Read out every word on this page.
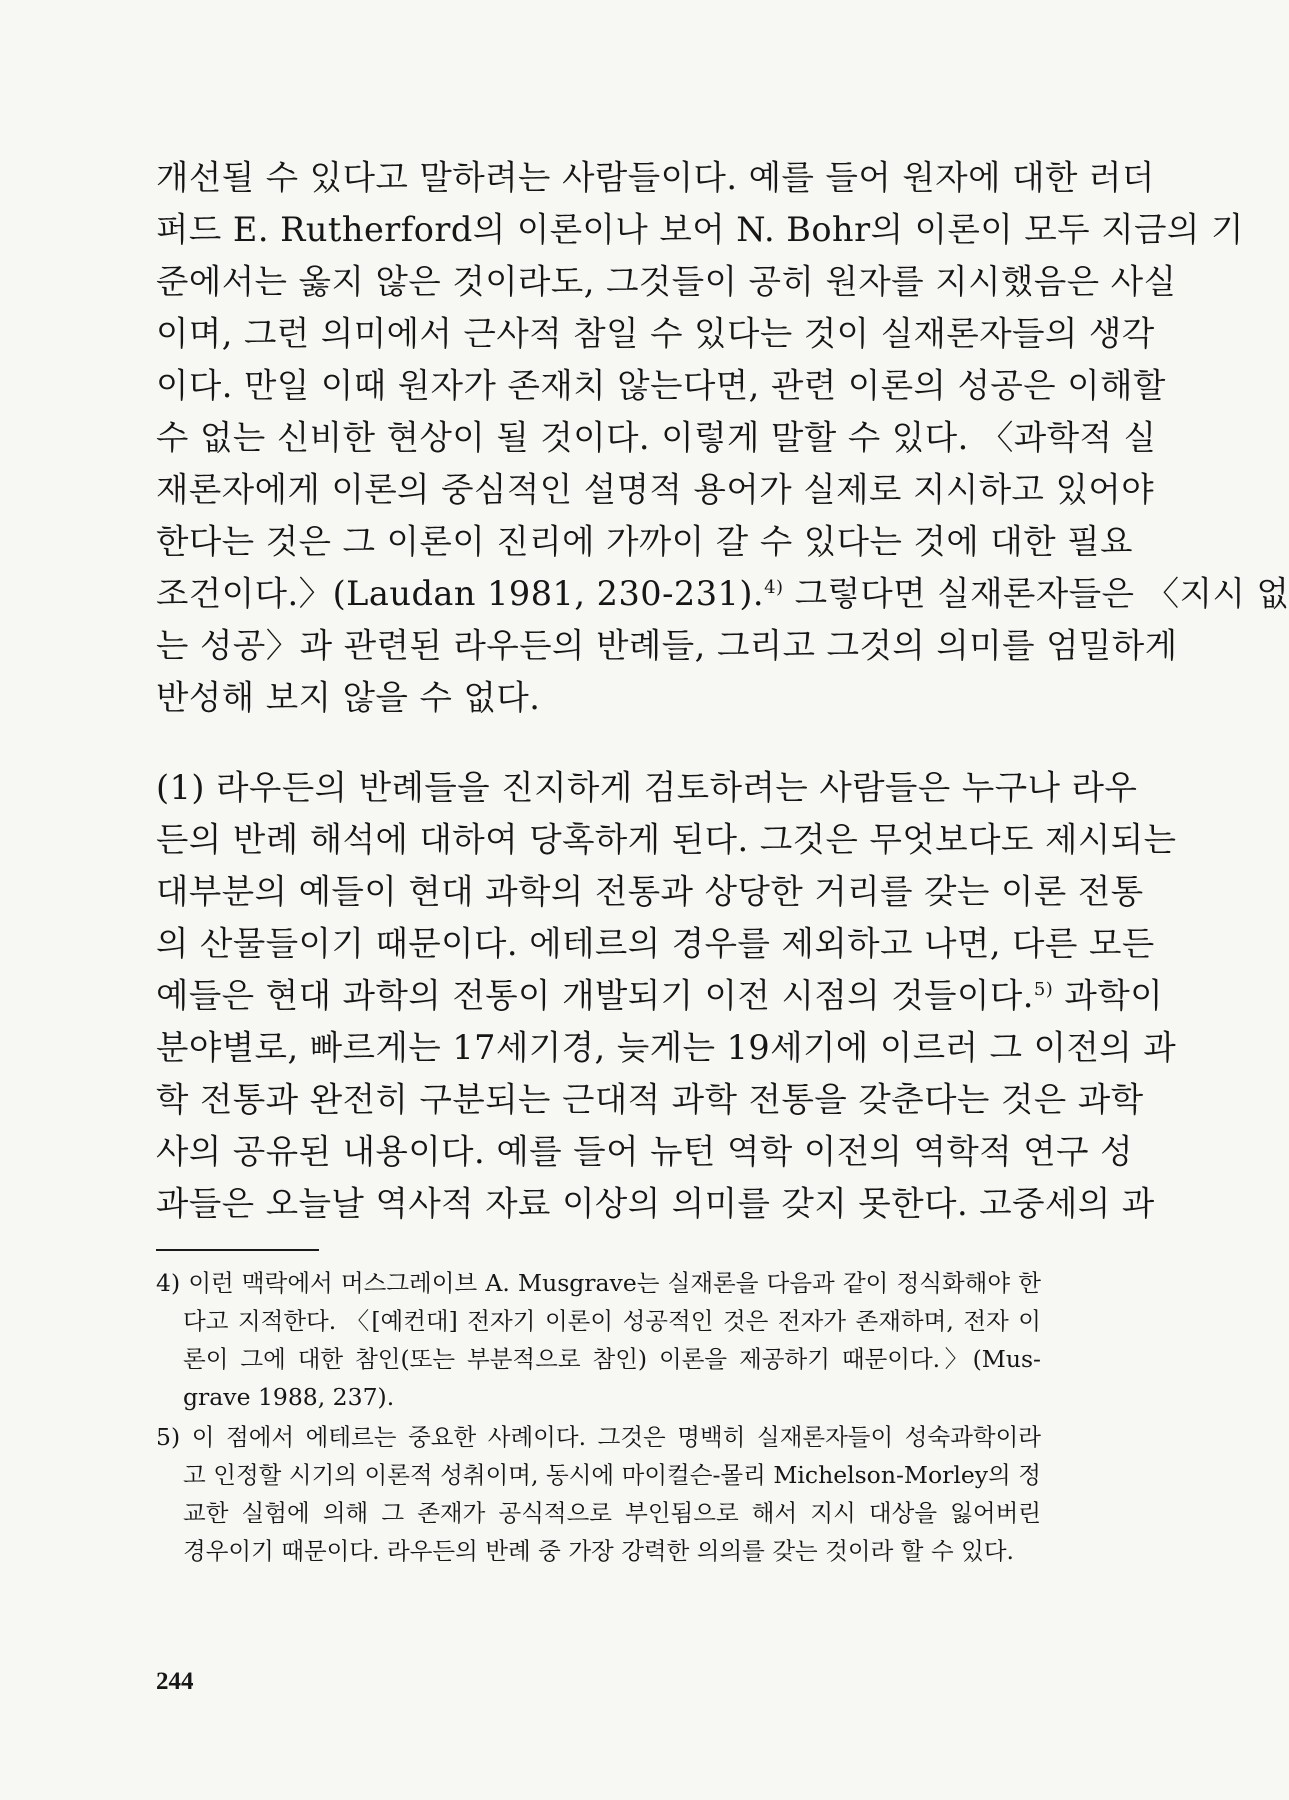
개선될 수 있다고 말하려는 사람들이다. 예를 들어 원자에 대한 러더
퍼드 E. Rutherford의 이론이나 보어 N. Bohr의 이론이 모두 지금의 기
준에서는 옳지 않은 것이라도, 그것들이 공히 원자를 지시했음은 사실
이며, 그런 의미에서 근사적 참일 수 있다는 것이 실재론자들의 생각
이다. 만일 이때 원자가 존재치 않는다면, 관련 이론의 성공은 이해할
수 없는 신비한 현상이 될 것이다. 이렇게 말할 수 있다. 〈과학적 실
재론자에게 이론의 중심적인 설명적 용어가 실제로 지시하고 있어야
한다는 것은 그 이론이 진리에 가까이 갈 수 있다는 것에 대한 필요
조건이다.〉(Laudan 1981, 230-231).$^{4)}$ 그렇다면 실재론자들은 〈지시 없
는 성공〉과 관련된 라우든의 반례들, 그리고 그것의 의미를 엄밀하게
반성해 보지 않을 수 없다.
(1) 라우든의 반례들을 진지하게 검토하려는 사람들은 누구나 라우
든의 반례 해석에 대하여 당혹하게 된다. 그것은 무엇보다도 제시되는
대부분의 예들이 현대 과학의 전통과 상당한 거리를 갖는 이론 전통
의 산물들이기 때문이다. 에테르의 경우를 제외하고 나면, 다른 모든
예들은 현대 과학의 전통이 개발되기 이전 시점의 것들이다.$^{5)}$ 과학이
분야별로, 빠르게는 17세기경, 늦게는 19세기에 이르러 그 이전의 과
학 전통과 완전히 구분되는 근대적 과학 전통을 갖춘다는 것은 과학
사의 공유된 내용이다. 예를 들어 뉴턴 역학 이전의 역학적 연구 성
과들은 오늘날 역사적 자료 이상의 의미를 갖지 못한다. 고중세의 과
4) 이런 맥락에서 머스그레이브 A. Musgrave는 실재론을 다음과 같이 정식화해야 한
다고 지적한다. 〈[예컨대] 전자기 이론이 성공적인 것은 전자가 존재하며, 전자 이
론이 그에 대한 참인(또는 부분적으로 참인) 이론을 제공하기 때문이다.〉(Mus-
grave 1988, 237).
5) 이 점에서 에테르는 중요한 사례이다. 그것은 명백히 실재론자들이 성숙과학이라
고 인정할 시기의 이론적 성취이며, 동시에 마이컬슨-몰리 Michelson-Morley의 정
교한 실험에 의해 그 존재가 공식적으로 부인됨으로 해서 지시 대상을 잃어버린
경우이기 때문이다. 라우든의 반례 중 가장 강력한 의의를 갖는 것이라 할 수 있다.
244
